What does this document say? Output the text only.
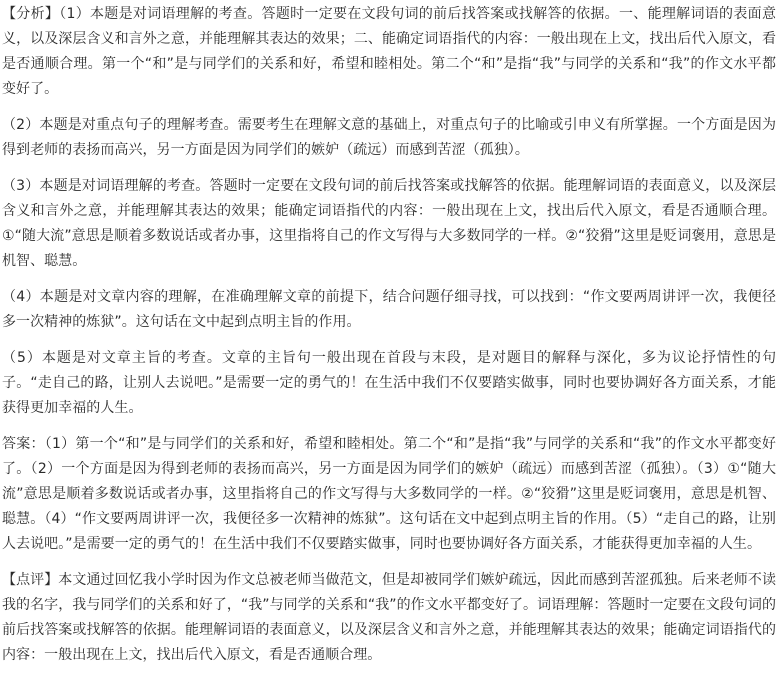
【分析】（1）本题是对词语理解的考查。答题时一定要在文段句词的前后找答案或找解答的依据。一、能理解词语的表面意义，以及深层含义和言外之意，并能理解其表达的效果；二、能确定词语指代的内容：一般出现在上文，找出后代入原文，看是否通顺合理。第一个“和”是与同学们的关系和好，希望和睦相处。第二个“和”是指“我”与同学的关系和“我”的作文水平都变好了。

（2）本题是对重点句子的理解考查。需要考生在理解文意的基础上，对重点句子的比喻或引申义有所掌握。一个方面是因为得到老师的表扬而高兴，另一方面是因为同学们的嫉妒（疏远）而感到苦涩（孤独）。

（3）本题是对词语理解的考查。答题时一定要在文段句词的前后找答案或找解答的依据。能理解词语的表面意义，以及深层含义和言外之意，并能理解其表达的效果；能确定词语指代的内容：一般出现在上文，找出后代入原文，看是否通顺合理。①“随大流”意思是顺着多数说话或者办事，这里指将自己的作文写得与大多数同学的一样。②“狡猾”这里是贬词褒用，意思是机智、聪慧。

（4）本题是对文章内容的理解，在准确理解文章的前提下，结合问题仔细寻找，可以找到：“作文要两周讲评一次，我便径多一次精神的炼狱”。这句话在文中起到点明主旨的作用。

（5）本题是对文章主旨的考查。文章的主旨句一般出现在首段与末段，是对题目的解释与深化，多为议论抒情性的句子。“走自己的路，让别人去说吧。”是需要一定的勇气的！在生活中我们不仅要踏实做事，同时也要协调好各方面关系，才能获得更加幸福的人生。

答案：（1）第一个“和”是与同学们的关系和好，希望和睦相处。第二个“和”是指“我”与同学的关系和“我”的作文水平都变好了。（2）一个方面是因为得到老师的表扬而高兴，另一方面是因为同学们的嫉妒（疏远）而感到苦涩（孤独）。（3）①“随大流”意思是顺着多数说话或者办事，这里指将自己的作文写得与大多数同学的一样。②“狡猾”这里是贬词褒用，意思是机智、聪慧。（4）“作文要两周讲评一次，我便径多一次精神的炼狱”。这句话在文中起到点明主旨的作用。（5）“走自己的路，让别人去说吧。”是需要一定的勇气的！在生活中我们不仅要踏实做事，同时也要协调好各方面关系，才能获得更加幸福的人生。

【点评】本文通过回忆我小学时因为作文总被老师当做范文，但是却被同学们嫉妒疏远，因此而感到苦涩孤独。后来老师不读我的名字，我与同学们的关系和好了，“我”与同学的关系和“我”的作文水平都变好了。词语理解：答题时一定要在文段句词的前后找答案或找解答的依据。能理解词语的表面意义，以及深层含义和言外之意，并能理解其表达的效果；能确定词语指代的内容：一般出现在上文，找出后代入原文，看是否通顺合理。
